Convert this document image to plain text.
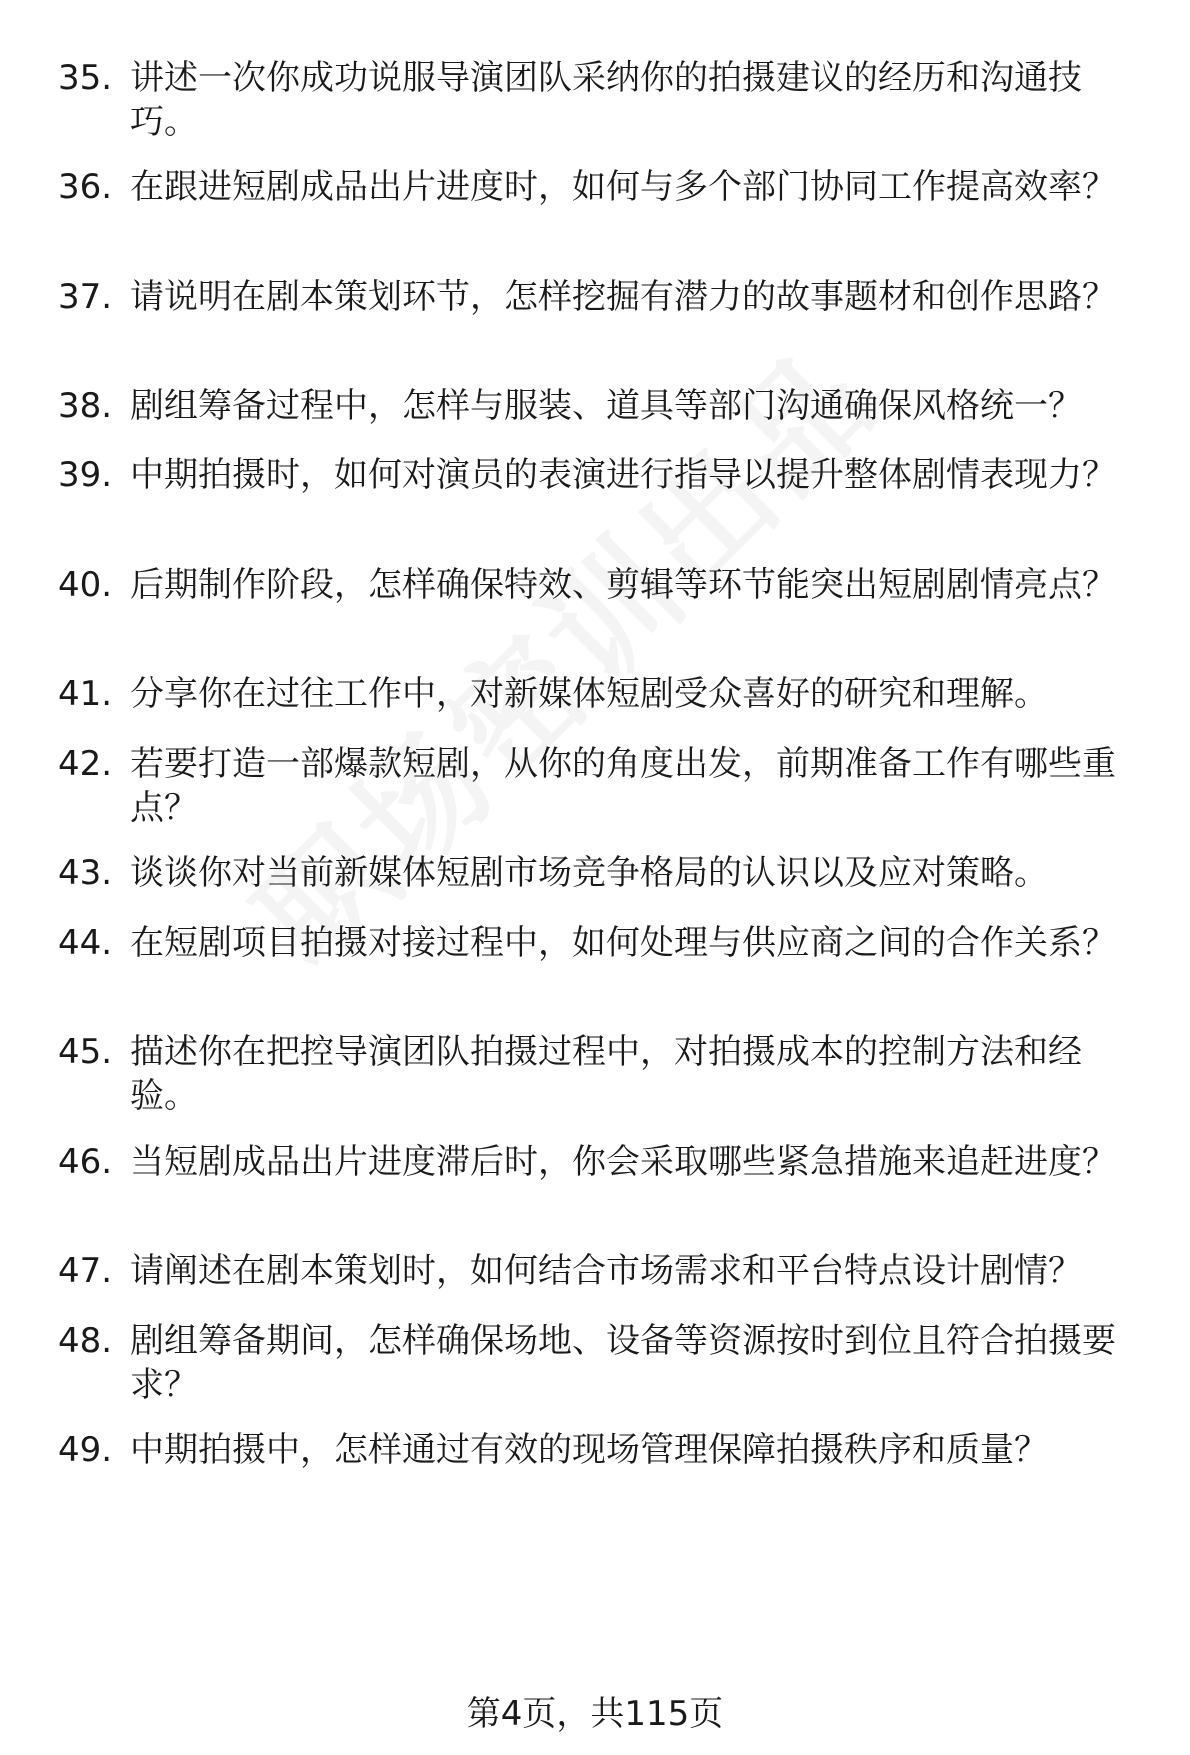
35. 讲述一次你成功说服导演团队采纳你的拍摄建议的经历和沟通技巧。
36. 在跟进短剧成品出片进度时，如何与多个部门协同工作提高效率？
37. 请说明在剧本策划环节，怎样挖掘有潜力的故事题材和创作思路？
38. 剧组筹备过程中，怎样与服装、道具等部门沟通确保风格统一？
39. 中期拍摄时，如何对演员的表演进行指导以提升整体剧情表现力？
40. 后期制作阶段，怎样确保特效、剪辑等环节能突出短剧剧情亮点？
41. 分享你在过往工作中，对新媒体短剧受众喜好的研究和理解。
42. 若要打造一部爆款短剧，从你的角度出发，前期准备工作有哪些重点？
43. 谈谈你对当前新媒体短剧市场竞争格局的认识以及应对策略。
44. 在短剧项目拍摄对接过程中，如何处理与供应商之间的合作关系？
45. 描述你在把控导演团队拍摄过程中，对拍摄成本的控制方法和经验。
46. 当短剧成品出片进度滞后时，你会采取哪些紧急措施来追赶进度？
47. 请阐述在剧本策划时，如何结合市场需求和平台特点设计剧情？
48. 剧组筹备期间，怎样确保场地、设备等资源按时到位且符合拍摄要求？
49. 中期拍摄中，怎样通过有效的现场管理保障拍摄秩序和质量？
第4页，共115页
